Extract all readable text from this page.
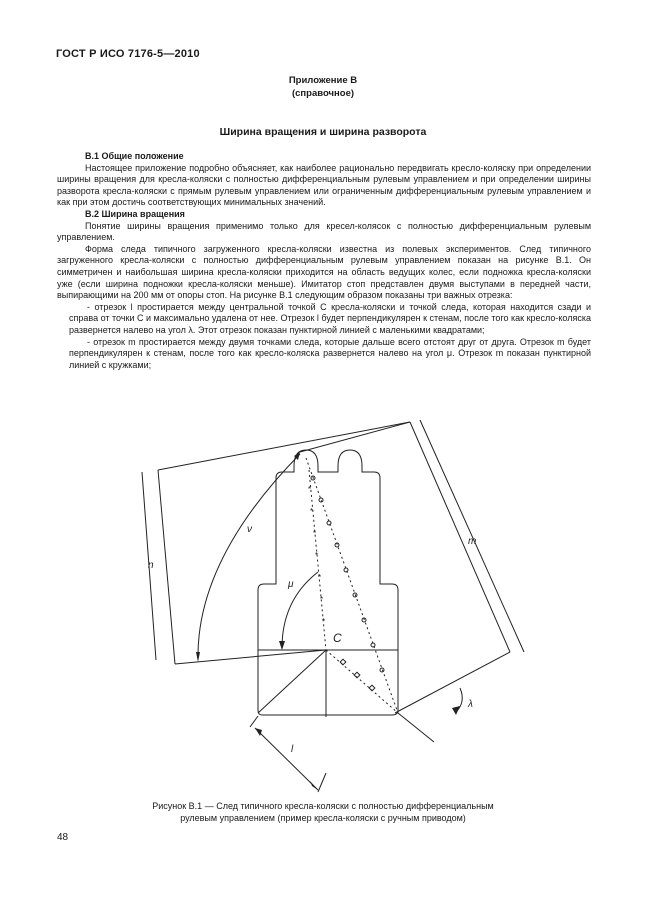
ГОСТ Р ИСО 7176-5—2010
Приложение В
(справочное)
Ширина вращения и ширина разворота

В.1 Общие положение

Настоящее приложение подробно объясняет, как наиболее рационально передвигать кресло-коляску при определении ширины вращения для кресла-коляски с полностью дифференциальным рулевым управлением и при определении ширины разворота кресла-коляски с прямым рулевым управлением или ограниченным дифференциальным рулевым управлением и как при этом достичь соответствующих минимальных значений.

В.2 Ширина вращения

Понятие ширины вращения применимо только для кресел-колясок с полностью дифференциальным рулевым управлением.

Форма следа типичного загруженного кресла-коляски известна из полевых экспериментов. След типичного загруженного кресла-коляски с полностью дифференциальным рулевым управлением показан на рисунке В.1. Он симметричен и наибольшая ширина кресла-коляски приходится на область ведущих колес, если подножка кресла-коляски уже (если ширина подножки кресла-коляски меньше). Имитатор стоп представлен двумя выступами в передней части, выпирающими на 200 мм от опоры стоп. На рисунке В.1 следующим образом показаны три важных отрезка:

- отрезок l простирается между центральной точкой С кресла-коляски и точкой следа, которая находится сзади и справа от точки С и максимально удалена от нее. Отрезок l будет перпендикулярен к стенам, после того как кресло-коляска развернется налево на угол λ. Этот отрезок показан пунктирной линией с маленькими квадратами;

- отрезок m простирается между двумя точками следа, которые дальше всего отстоят друг от друга. Отрезок m будет перпендикулярен к стенам, после того как кресло-коляска развернется налево на угол μ. Отрезок m показан пунктирной линией с кружками;

*
*
*
*
*
*
*
n
m
l
ν
μ
λ
C
Рисунок В.1 — След типичного кресла-коляски с полностью дифференциальным
рулевым управлением (пример кресла-коляски с ручным приводом)
48
